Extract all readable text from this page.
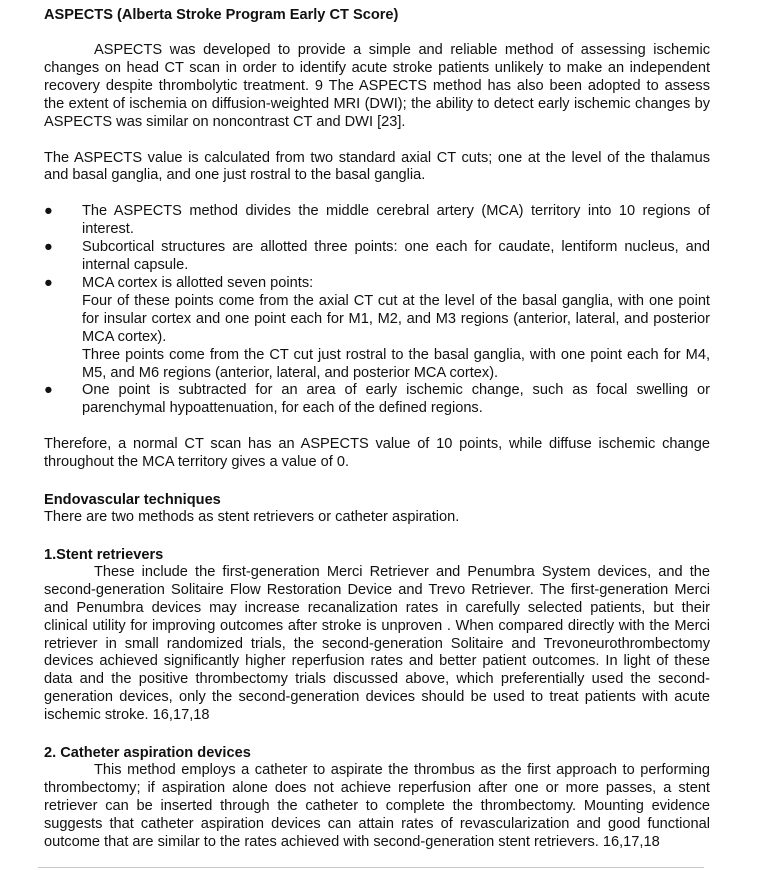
ASPECTS (Alberta Stroke Program Early CT Score)

ASPECTS was developed to provide a simple and reliable method of assessing ischemic changes on head CT scan in order to identify acute stroke patients unlikely to make an independent recovery despite thrombolytic treatment. 9 The ASPECTS method has also been adopted to assess the extent of ischemia on diffusion-weighted MRI (DWI); the ability to detect early ischemic changes by ASPECTS was similar on noncontrast CT and DWI [23].

The ASPECTS value is calculated from two standard axial CT cuts; one at the level of the thalamus and basal ganglia, and one just rostral to the basal ganglia.

● The ASPECTS method divides the middle cerebral artery (MCA) territory into 10 regions of interest.
● Subcortical structures are allotted three points: one each for caudate, lentiform nucleus, and internal capsule.
● MCA cortex is allotted seven points:
Four of these points come from the axial CT cut at the level of the basal ganglia, with one point for insular cortex and one point each for M1, M2, and M3 regions (anterior, lateral, and posterior MCA cortex).
Three points come from the CT cut just rostral to the basal ganglia, with one point each for M4, M5, and M6 regions (anterior, lateral, and posterior MCA cortex).
● One point is subtracted for an area of early ischemic change, such as focal swelling or parenchymal hypoattenuation, for each of the defined regions.

Therefore, a normal CT scan has an ASPECTS value of 10 points, while diffuse ischemic change throughout the MCA territory gives a value of 0.

Endovascular techniques

There are two methods as stent retrievers or catheter aspiration.

1.Stent retrievers

These include the first-generation Merci Retriever and Penumbra System devices, and the second-generation Solitaire Flow Restoration Device and Trevo Retriever. The first-generation Merci and Penumbra devices may increase recanalization rates in carefully selected patients, but their clinical utility for improving outcomes after stroke is unproven . When compared directly with the Merci retriever in small randomized trials, the second-generation Solitaire and Trevoneurothrombectomy devices achieved significantly higher reperfusion rates and better patient outcomes. In light of these data and the positive thrombectomy trials discussed above, which preferentially used the second-generation devices, only the second-generation devices should be used to treat patients with acute ischemic stroke. 16,17,18

2. Catheter aspiration devices

This method employs a catheter to aspirate the thrombus as the first approach to performing thrombectomy; if aspiration alone does not achieve reperfusion after one or more passes, a stent retriever can be inserted through the catheter to complete the thrombectomy. Mounting evidence suggests that catheter aspiration devices can attain rates of revascularization and good functional outcome that are similar to the rates achieved with second-generation stent retrievers. 16,17,18
